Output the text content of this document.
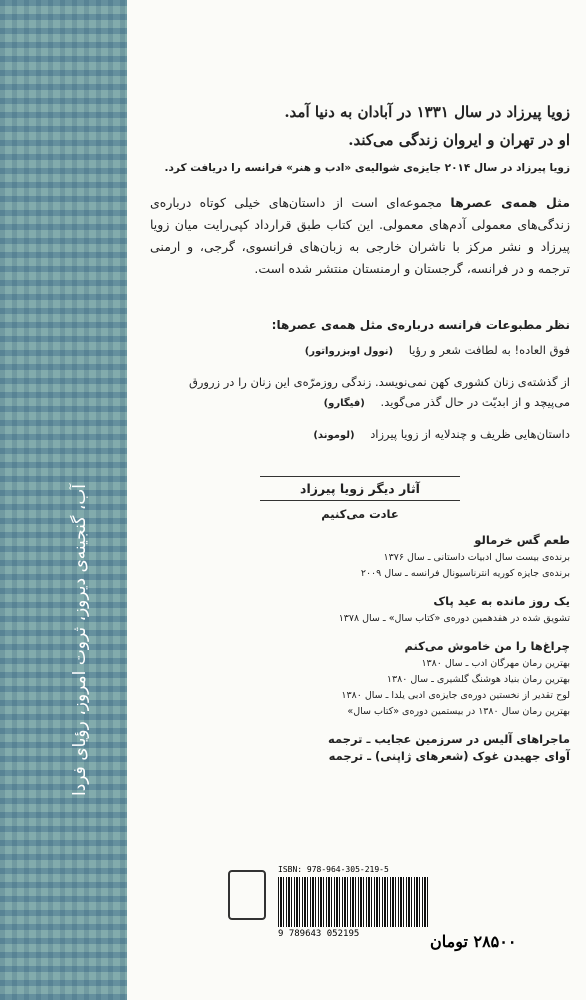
آب، گنجینه‌ی دیروز، ثروت امروز، رؤیای فردا
زویا پیرزاد در سال ۱۳۳۱ در آبادان به دنیا آمد.
او در تهران و ایروان زندگی می‌کند.
زویا پیرزاد در سال ۲۰۱۴ جایزه‌ی شوالیه‌ی «ادب و هنر» فرانسه را دریافت کرد.
مثل همه‌ی عصرها مجموعه‌ای است از داستان‌های خیلی کوتاه درباره‌ی زندگی‌های معمولی آدم‌های معمولی. این کتاب طبق قرارداد کپی‌رایت میان زویا پیرزاد و نشر مرکز با ناشران خارجی به زبان‌های فرانسوی، گرجی، و ارمنی ترجمه و در فرانسه، گرجستان و ارمنستان منتشر شده است.
نظر مطبوعات فرانسه درباره‌ی مثل همه‌ی عصرها:
فوق العاده! به لطافت شعر و رؤیا (نوول اوبزرواتور)
از گذشته‌ی زنان کشوری کهن نمی‌نویسد. زندگی روزمرّه‌ی این زنان را در زرورق می‌پیچد و از ابدیّت در حال گذر می‌گوید. (فیگارو)
داستان‌هایی ظریف و چندلایه از زویا پیرزاد (لوموند)
آثار دیگر زویا پیرزاد
عادت می‌کنیم
طعم گس خرمالو
برنده‌ی بیست سال ادبیات داستانی ـ سال ۱۳۷۶
برنده‌ی جایزه کوریه انترناسیونال فرانسه ـ سال ۲۰۰۹
یک روز مانده به عید پاک
تشویق شده در هفدهمین دوره‌ی «کتاب سال» ـ سال ۱۳۷۸
چراغ‌ها را من خاموش می‌کنم
بهترین رمان مهرگان ادب ـ سال ۱۳۸۰
بهترین رمان بنیاد هوشنگ گلشیری ـ سال ۱۳۸۰
لوح تقدیر از نخستین دوره‌ی جایزه‌ی ادبی یلدا ـ سال ۱۳۸۰
بهترین رمان سال ۱۳۸۰ در بیستمین دوره‌ی «کتاب سال»
ماجراهای آلیس در سرزمین عجایب ـ ترجمه
آوای جهیدن غوک (شعرهای ژاپنی) ـ ترجمه
ISBN: 978-964-305-219-5
9 789643 052195	۲۸۵۰۰ تومان
